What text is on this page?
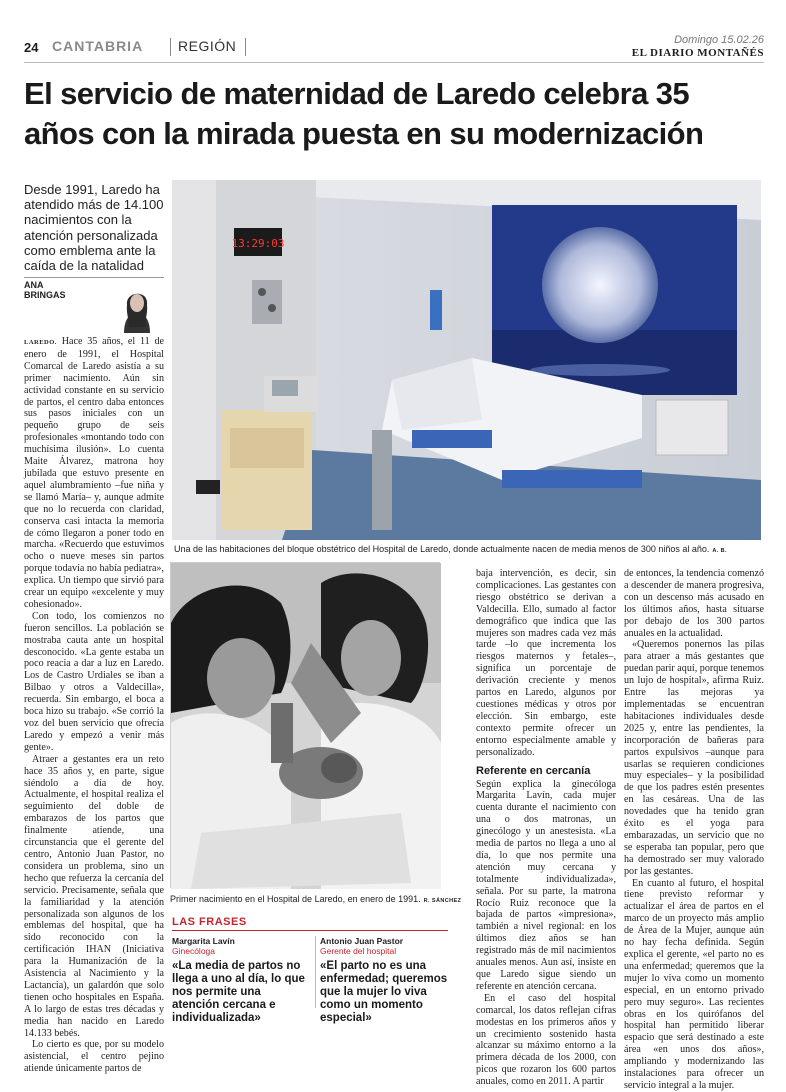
24 CANTABRIA REGIÓN	Domingo 15.02.26
EL DIARIO MONTAÑÉS
El servicio de maternidad de Laredo celebra 35 años con la mirada puesta en su modernización
Desde 1991, Laredo ha atendido más de 14.100 nacimientos con la atención personalizada como emblema ante la caída de la natalidad
ANA
BRINGAS
13:29:03
Una de las habitaciones del bloque obstétrico del Hospital de Laredo, donde actualmente nacen de media menos de 300 niños al año. A. B.

LAREDO. Hace 35 años, el 11 de enero de 1991, el Hospital Comarcal de Laredo asistía a su primer nacimiento. Aún sin actividad constante en su servicio de partos, el centro daba entonces sus pasos iniciales con un pequeño grupo de seis profesionales «montando todo con muchísima ilusión». Lo cuenta Maite Álvarez, matrona hoy jubilada que estuvo presente en aquel alumbramiento –fue niña y se llamó María– y, aunque admite que no lo recuerda con claridad, conserva casi intacta la memoria de cómo llegaron a poner todo en marcha. «Recuerdo que estuvimos ocho o nueve meses sin partos porque todavía no había pediatra», explica. Un tiempo que sirvió para crear un equipo «excelente y muy cohesionado».

Con todo, los comienzos no fueron sencillos. La población se mostraba cauta ante un hospital desconocido. «La gente estaba un poco reacia a dar a luz en Laredo. Los de Castro Urdiales se iban a Bilbao y otros a Valdecilla», recuerda. Sin embargo, el boca a boca hizo su trabajo. «Se corrió la voz del buen servicio que ofrecía Laredo y empezó a venir más gente».

Atraer a gestantes era un reto hace 35 años y, en parte, sigue siéndolo a día de hoy. Actualmente, el hospital realiza el seguimiento del doble de embarazos de los partos que finalmente atiende, una circunstancia que el gerente del centro, Antonio Juan Pastor, no considera un problema, sino un hecho que refuerza la cercanía del servicio. Precisamente, señala que la familiaridad y la atención personalizada son algunos de los emblemas del hospital, que ha sido reconocido con la certificación IHAN (Iniciativa para la Humanización de la Asistencia al Nacimiento y la Lactancia), un galardón que solo tienen ocho hospitales en España. A lo largo de estas tres décadas y media han nacido en Laredo 14.133 bebés.

Lo cierto es que, por su modelo asistencial, el centro pejino atiende únicamente partos de

Primer nacimiento en el Hospital de Laredo, en enero de 1991. R. SÁNCHEZ
LAS FRASES
Margarita Lavín
Ginecóloga
«La media de partos no llega a uno al día, lo que nos permite una atención cercana e individualizada»
Antonio Juan Pastor
Gerente del hospital
«El parto no es una enfermedad; queremos que la mujer lo viva como un momento especial»

baja intervención, es decir, sin complicaciones. Las gestantes con riesgo obstétrico se derivan a Valdecilla. Ello, sumado al factor demográfico que indica que las mujeres son madres cada vez más tarde –lo que incrementa los riesgos maternos y fetales–, significa un porcentaje de derivación creciente y menos partos en Laredo, algunos por cuestiones médicas y otros por elección. Sin embargo, este contexto permite ofrecer un entorno especialmente amable y personalizado.

Referente en cercanía

Según explica la ginecóloga Margarita Lavín, cada mujer cuenta durante el nacimiento con una o dos matronas, un ginecólogo y un anestesista. «La media de partos no llega a uno al día, lo que nos permite una atención muy cercana y totalmente individualizada», señala. Por su parte, la matrona Rocío Ruiz reconoce que la bajada de partos «impresiona», también a nivel regional: en los últimos diez años se han registrado más de mil nacimientos anuales menos. Aun así, insiste en que Laredo sigue siendo un referente en atención cercana.

En el caso del hospital comarcal, los datos reflejan cifras modestas en los primeros años y un crecimiento sostenido hasta alcanzar su máximo entorno a la primera década de los 2000, con picos que rozaron los 600 partos anuales, como en 2011. A partir

de entonces, la tendencia comenzó a descender de manera progresiva, con un descenso más acusado en los últimos años, hasta situarse por debajo de los 300 partos anuales en la actualidad.

«Queremos ponernos las pilas para atraer a más gestantes que puedan parir aquí, porque tenemos un lujo de hospital», afirma Ruiz. Entre las mejoras ya implementadas se encuentran habitaciones individuales desde 2025 y, entre las pendientes, la incorporación de bañeras para partos expulsivos –aunque para usarlas se requieren condiciones muy especiales– y la posibilidad de que los padres estén presentes en las cesáreas. Una de las novedades que ha tenido gran éxito es el yoga para embarazadas, un servicio que no se esperaba tan popular, pero que ha demostrado ser muy valorado por las gestantes.

En cuanto al futuro, el hospital tiene previsto reformar y actualizar el área de partos en el marco de un proyecto más amplio de Área de la Mujer, aunque aún no hay fecha definida. Según explica el gerente, «el parto no es una enfermedad; queremos que la mujer lo viva como un momento especial, en un entorno privado pero muy seguro». Las recientes obras en los quirófanos del hospital han permitido liberar espacio que será destinado a este área «en unos dos años», ampliando y modernizando las instalaciones para ofrecer un servicio integral a la mujer.
